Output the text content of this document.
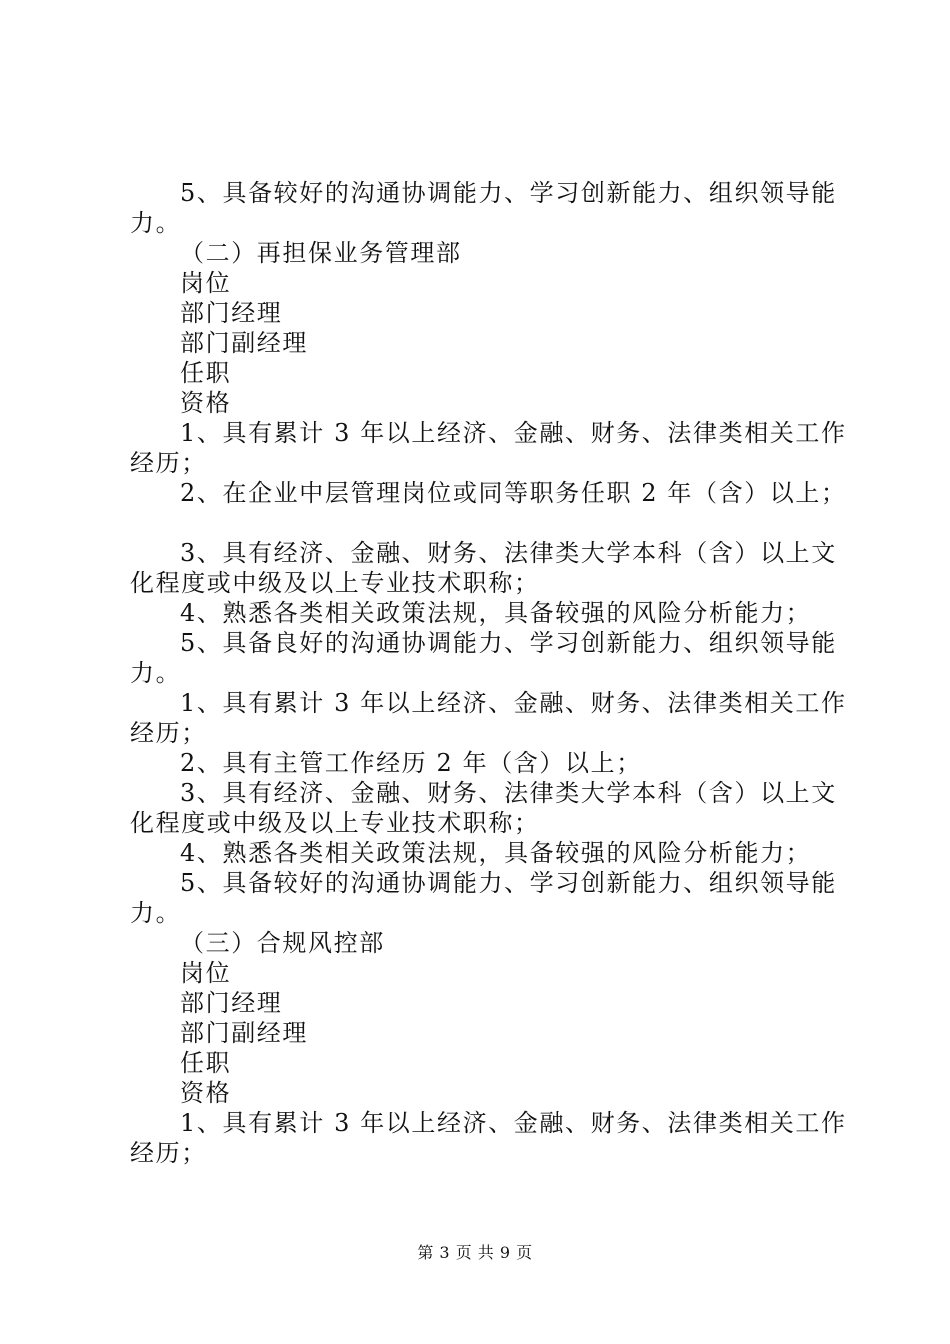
5、具备较好的沟通协调能力、学习创新能力、组织领导能
力。
（二）再担保业务管理部
岗位
部门经理
部门副经理
任职
资格
1、具有累计 3 年以上经济、金融、财务、法律类相关工作
经历；
2、在企业中层管理岗位或同等职务任职 2 年（含）以上；
3、具有经济、金融、财务、法律类大学本科（含）以上文
化程度或中级及以上专业技术职称；
4、熟悉各类相关政策法规，具备较强的风险分析能力；
5、具备良好的沟通协调能力、学习创新能力、组织领导能
力。
1、具有累计 3 年以上经济、金融、财务、法律类相关工作
经历；
2、具有主管工作经历 2 年（含）以上；
3、具有经济、金融、财务、法律类大学本科（含）以上文
化程度或中级及以上专业技术职称；
4、熟悉各类相关政策法规，具备较强的风险分析能力；
5、具备较好的沟通协调能力、学习创新能力、组织领导能
力。
（三）合规风控部
岗位
部门经理
部门副经理
任职
资格
1、具有累计 3 年以上经济、金融、财务、法律类相关工作
经历；
第 3 页 共 9 页
